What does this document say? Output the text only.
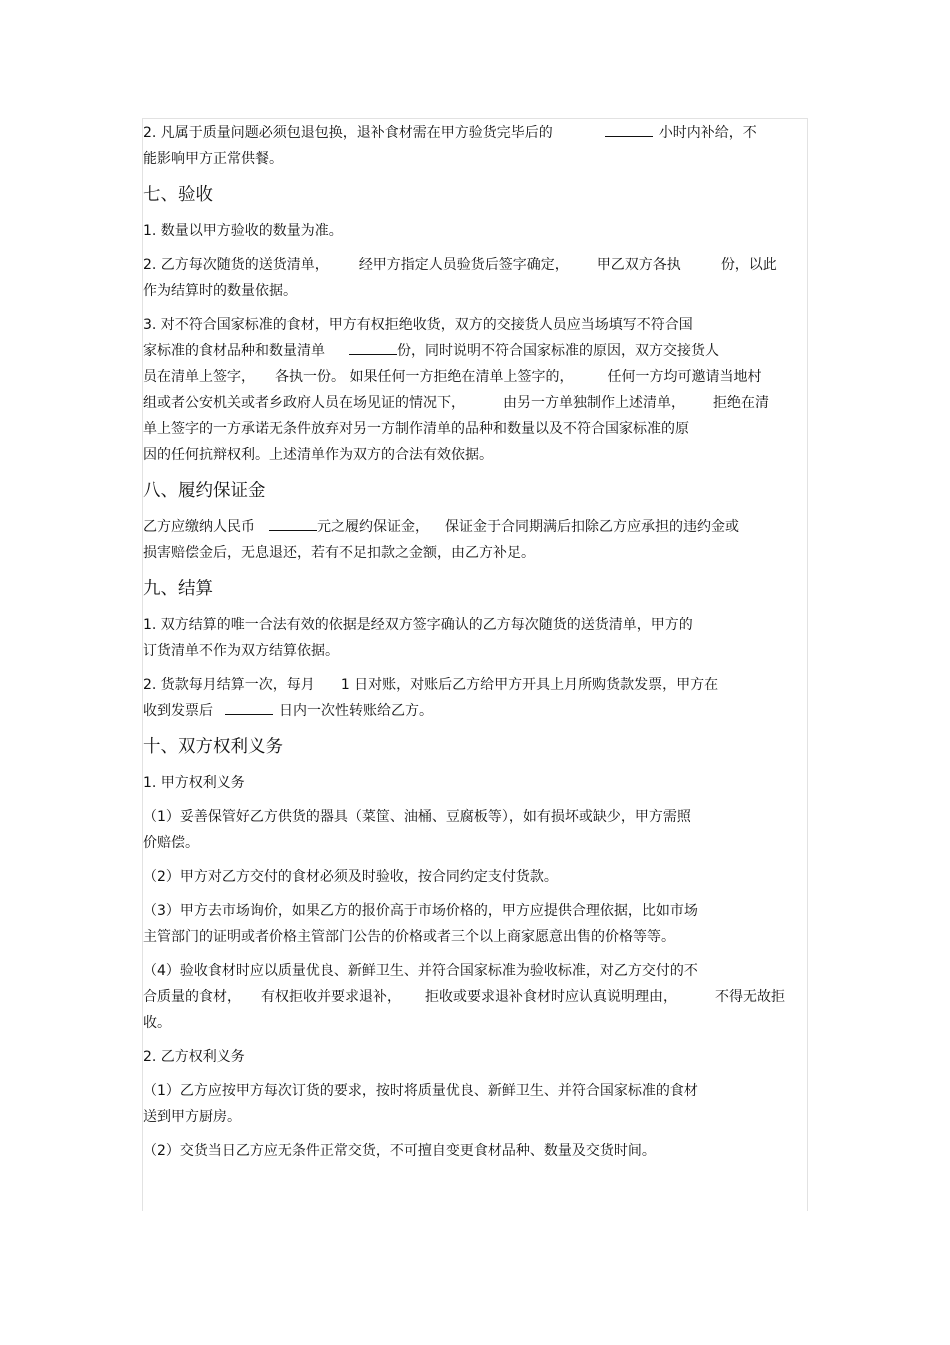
2. 凡属于质量问题必须包退包换，退补食材需在甲方验货完毕后的	小时内补给，不
能影响甲方正常供餐。
七、验收
1. 数量以甲方验收的数量为准。
2. 乙方每次随货的送货清单， 经甲方指定人员验货后签字确定， 甲乙双方各执	份，以此
作为结算时的数量依据。
3. 对不符合国家标准的食材，甲方有权拒绝收货，双方的交接货人员应当场填写不符合国
家标准的食材品种和数量清单	份，同时说明不符合国家标准的原因，双方交接货人
员在清单上签字， 各执一份。 如果任何一方拒绝在清单上签字的， 任何一方均可邀请当地村
组或者公安机关或者乡政府人员在场见证的情况下，	由另一方单独制作上述清单， 拒绝在清
单上签字的一方承诺无条件放弃对另一方制作清单的品种和数量以及不符合国家标准的原
因的任何抗辩权利。上述清单作为双方的合法有效依据。
八、履约保证金
乙方应缴纳人民币	元之履约保证金， 保证金于合同期满后扣除乙方应承担的违约金或
损害赔偿金后，无息退还，若有不足扣款之金额，由乙方补足。
九、结算
1. 双方结算的唯一合法有效的依据是经双方签字确认的乙方每次随货的送货清单，甲方的
订货清单不作为双方结算依据。
2. 货款每月结算一次，每月 1 日对账，对账后乙方给甲方开具上月所购货款发票，甲方在
收到发票后	日内一次性转账给乙方。
十、双方权利义务
1. 甲方权利义务
（1）妥善保管好乙方供货的器具（菜筐、油桶、豆腐板等），如有损坏或缺少，甲方需照
价赔偿。
（2）甲方对乙方交付的食材必须及时验收，按合同约定支付货款。
（3）甲方去市场询价，如果乙方的报价高于市场价格的，甲方应提供合理依据，比如市场
主管部门的证明或者价格主管部门公告的价格或者三个以上商家愿意出售的价格等等。
（4）验收食材时应以质量优良、新鲜卫生、并符合国家标准为验收标准，对乙方交付的不
合质量的食材， 有权拒收并要求退补， 拒收或要求退补食材时应认真说明理由，	不得无故拒
收。
2. 乙方权利义务
（1）乙方应按甲方每次订货的要求，按时将质量优良、新鲜卫生、并符合国家标准的食材
送到甲方厨房。
（2）交货当日乙方应无条件正常交货，不可擅自变更食材品种、数量及交货时间。
